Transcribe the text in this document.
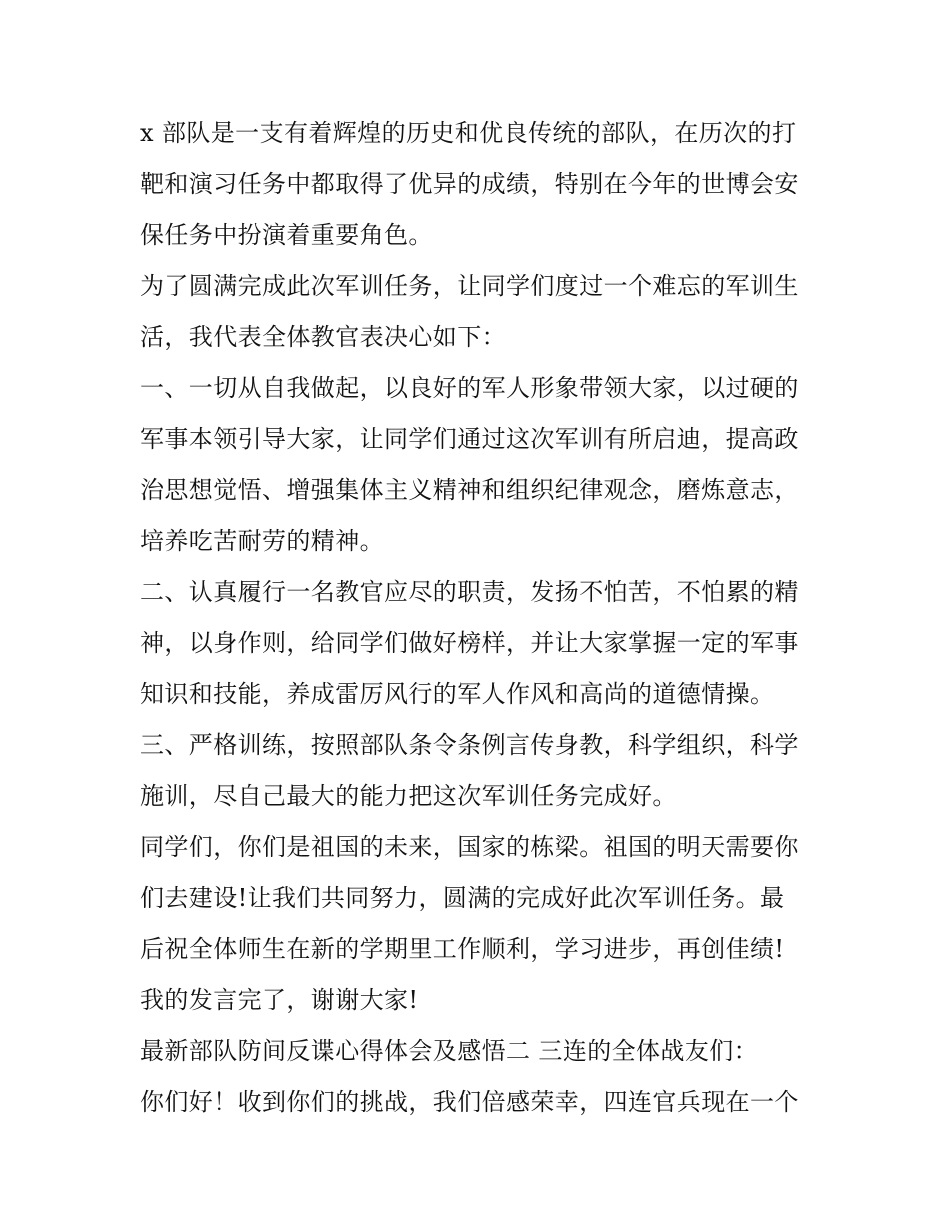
x 部队是一支有着辉煌的历史和优良传统的部队，在历次的打
靶和演习任务中都取得了优异的成绩，特别在今年的世博会安
保任务中扮演着重要角色。
为了圆满完成此次军训任务，让同学们度过一个难忘的军训生
活，我代表全体教官表决心如下：
一、一切从自我做起，以良好的军人形象带领大家，以过硬的
军事本领引导大家，让同学们通过这次军训有所启迪，提高政
治思想觉悟、增强集体主义精神和组织纪律观念，磨炼意志，
培养吃苦耐劳的精神。
二、认真履行一名教官应尽的职责，发扬不怕苦，不怕累的精
神，以身作则，给同学们做好榜样，并让大家掌握一定的军事
知识和技能，养成雷厉风行的军人作风和高尚的道德情操。
三、严格训练，按照部队条令条例言传身教，科学组织，科学
施训，尽自己最大的能力把这次军训任务完成好。
同学们，你们是祖国的未来，国家的栋梁。祖国的明天需要你
们去建设!让我们共同努力，圆满的完成好此次军训任务。最
后祝全体师生在新的学期里工作顺利，学习进步，再创佳绩!
我的发言完了，谢谢大家!
最新部队防间反谍心得体会及感悟二 三连的全体战友们：
你们好！收到你们的挑战，我们倍感荣幸，四连官兵现在一个
